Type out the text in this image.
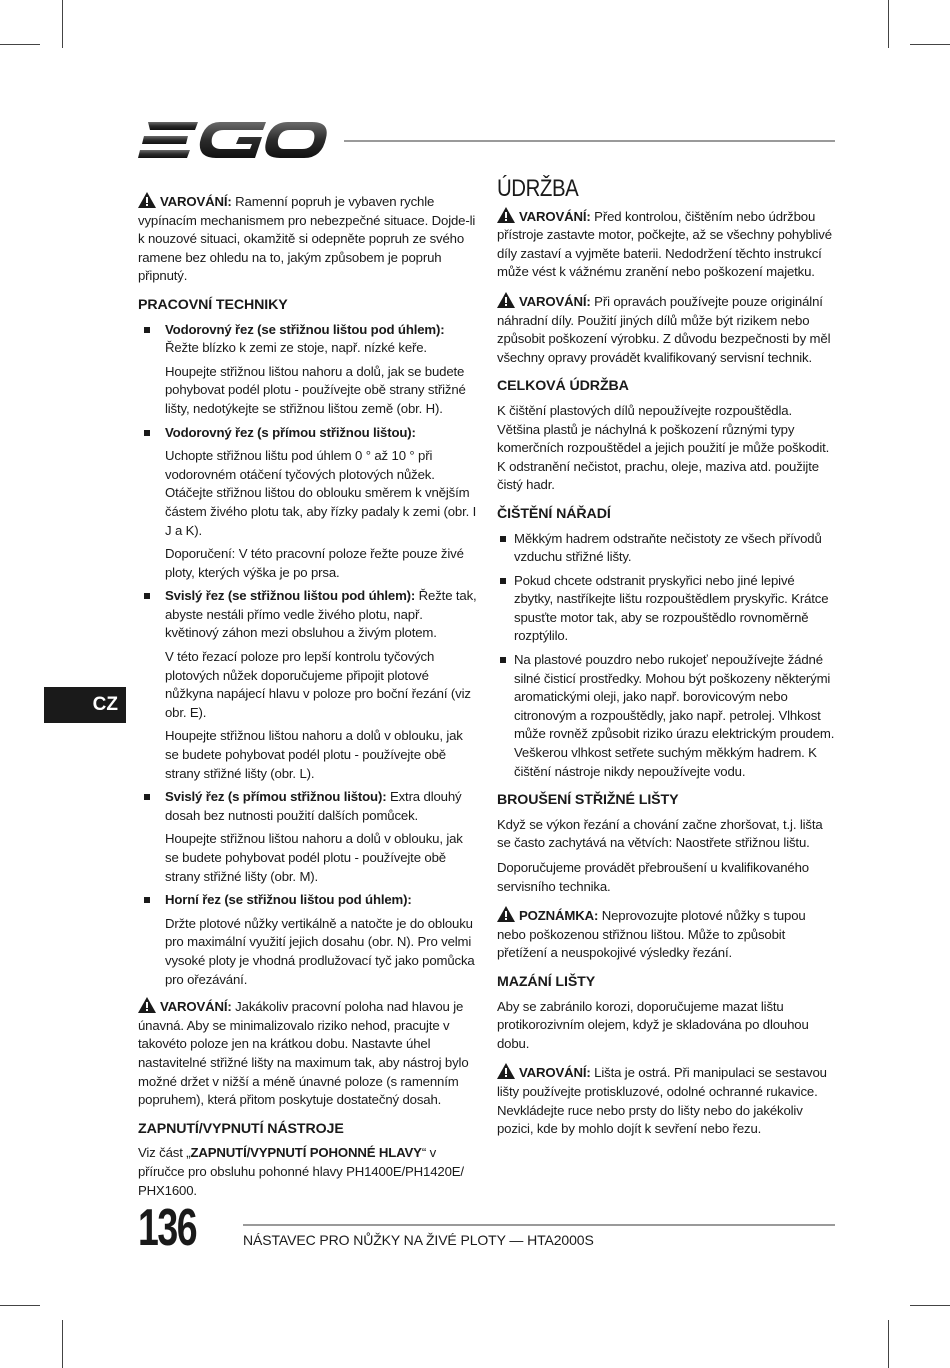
VAROVÁNÍ: Ramenní popruh je vybaven rychle vypínacím mechanismem pro nebezpečné situace. Dojde-li k nouzové situaci, okamžitě si odepněte popruh ze svého ramene bez ohledu na to, jakým způsobem je popruh připnutý.

PRACOVNÍ TECHNIKY
Vodorovný řez (se střižnou lištou pod úhlem): Řežte blízko k zemi ze stoje, např. nízké keře.

Houpejte střižnou lištou nahoru a dolů, jak se budete pohybovat podél plotu - používejte obě strany střižné lišty, nedotýkejte se střižnou lištou země (obr. H).

Vodorovný řez (s přímou střižnou lištou):

Uchopte střižnou lištu pod úhlem 0 ° až 10 ° při vodorovném otáčení tyčových plotových nůžek. Otáčejte střižnou lištou do oblouku směrem k vnějším částem živého plotu tak, aby řízky padaly k zemi (obr. I J a K).

Doporučení: V této pracovní poloze řežte pouze živé ploty, kterých výška je po prsa.

Svislý řez (se střižnou lištou pod úhlem): Řežte tak, abyste nestáli přímo vedle živého plotu, např. květinový záhon mezi obsluhou a živým plotem.

V této řezací poloze pro lepší kontrolu tyčových plotových nůžek doporučujeme připojit plotové nůžkyna napájecí hlavu v poloze pro boční řezání (viz obr. E).

Houpejte střižnou lištou nahoru a dolů v oblouku, jak se budete pohybovat podél plotu - používejte obě strany střižné lišty (obr. L).

Svislý řez (s přímou střižnou lištou): Extra dlouhý dosah bez nutnosti použití dalších pomůcek.

Houpejte střižnou lištou nahoru a dolů v oblouku, jak se budete pohybovat podél plotu - používejte obě strany střižné lišty (obr. M).

Horní řez (se střižnou lištou pod úhlem):

Držte plotové nůžky vertikálně a natočte je do oblouku pro maximální využití jejich dosahu (obr. N). Pro velmi vysoké ploty je vhodná prodlužovací tyč jako pomůcka pro ořezávání.

VAROVÁNÍ: Jakákoliv pracovní poloha nad hlavou je únavná. Aby se minimalizovalo riziko nehod, pracujte v takovéto poloze jen na krátkou dobu. Nastavte úhel nastavitelné střižné lišty na maximum tak, aby nástroj bylo možné držet v nižší a méně únavné poloze (s ramenním popruhem), která přitom poskytuje dostatečný dosah.

ZAPNUTÍ/VYPNUTÍ NÁSTROJE

Viz část „ZAPNUTÍ/VYPNUTÍ POHONNÉ HLAVY“ v příručce pro obsluhu pohonné hlavy PH1400E/PH1420E/ PHX1600.

ÚDRŽBA

VAROVÁNÍ: Před kontrolou, čištěním nebo údržbou přístroje zastavte motor, počkejte, až se všechny pohyblivé díly zastaví a vyjměte baterii. Nedodržení těchto instrukcí může vést k vážnému zranění nebo poškození majetku.

VAROVÁNÍ: Při opravách používejte pouze originální náhradní díly. Použití jiných dílů může být rizikem nebo způsobit poškození výrobku. Z důvodu bezpečnosti by měl všechny opravy provádět kvalifikovaný servisní technik.

CELKOVÁ ÚDRŽBA

K čištění plastových dílů nepoužívejte rozpouštědla. Většina plastů je náchylná k poškození různými typy komerčních rozpouštědel a jejich použití je může poškodit. K odstranění nečistot, prachu, oleje, maziva atd. použijte čistý hadr.

ČIŠTĚNÍ NÁŘADÍ
Měkkým hadrem odstraňte nečistoty ze všech přívodů vzduchu střižné lišty.
Pokud chcete odstranit pryskyřici nebo jiné lepivé zbytky, nastříkejte lištu rozpouštědlem pryskyřic. Krátce spusťte motor tak, aby se rozpouštědlo rovnoměrně rozptýlilo.
Na plastové pouzdro nebo rukojeť nepoužívejte žádné silné čisticí prostředky. Mohou být poškozeny některými aromatickými oleji, jako např. borovicovým nebo citronovým a rozpouštědly, jako např. petrolej. Vlhkost může rovněž způsobit riziko úrazu elektrickým proudem. Veškerou vlhkost setřete suchým měkkým hadrem. K čištění nástroje nikdy nepoužívejte vodu.
BROUŠENÍ STŘIŽNÉ LIŠTY

Když se výkon řezání a chování začne zhoršovat, t.j. lišta se často zachytává na větvích: Naostřete střižnou lištu.

Doporučujeme provádět přebroušení u kvalifikovaného servisního technika.

POZNÁMKA: Neprovozujte plotové nůžky s tupou nebo poškozenou střižnou lištou. Může to způsobit přetížení a neuspokojivé výsledky řezání.

MAZÁNÍ LIŠTY

Aby se zabránilo korozi, doporučujeme mazat lištu protikorozivním olejem, když je skladována po dlouhou dobu.

VAROVÁNÍ: Lišta je ostrá. Při manipulaci se sestavou lišty používejte protiskluzové, odolné ochranné rukavice. Nevkládejte ruce nebo prsty do lišty nebo do jakékoliv pozici, kde by mohlo dojít k sevření nebo řezu.

CZ
136	NÁSTAVEC PRO NŮŽKY NA ŽIVÉ PLOTY — HTA2000S
